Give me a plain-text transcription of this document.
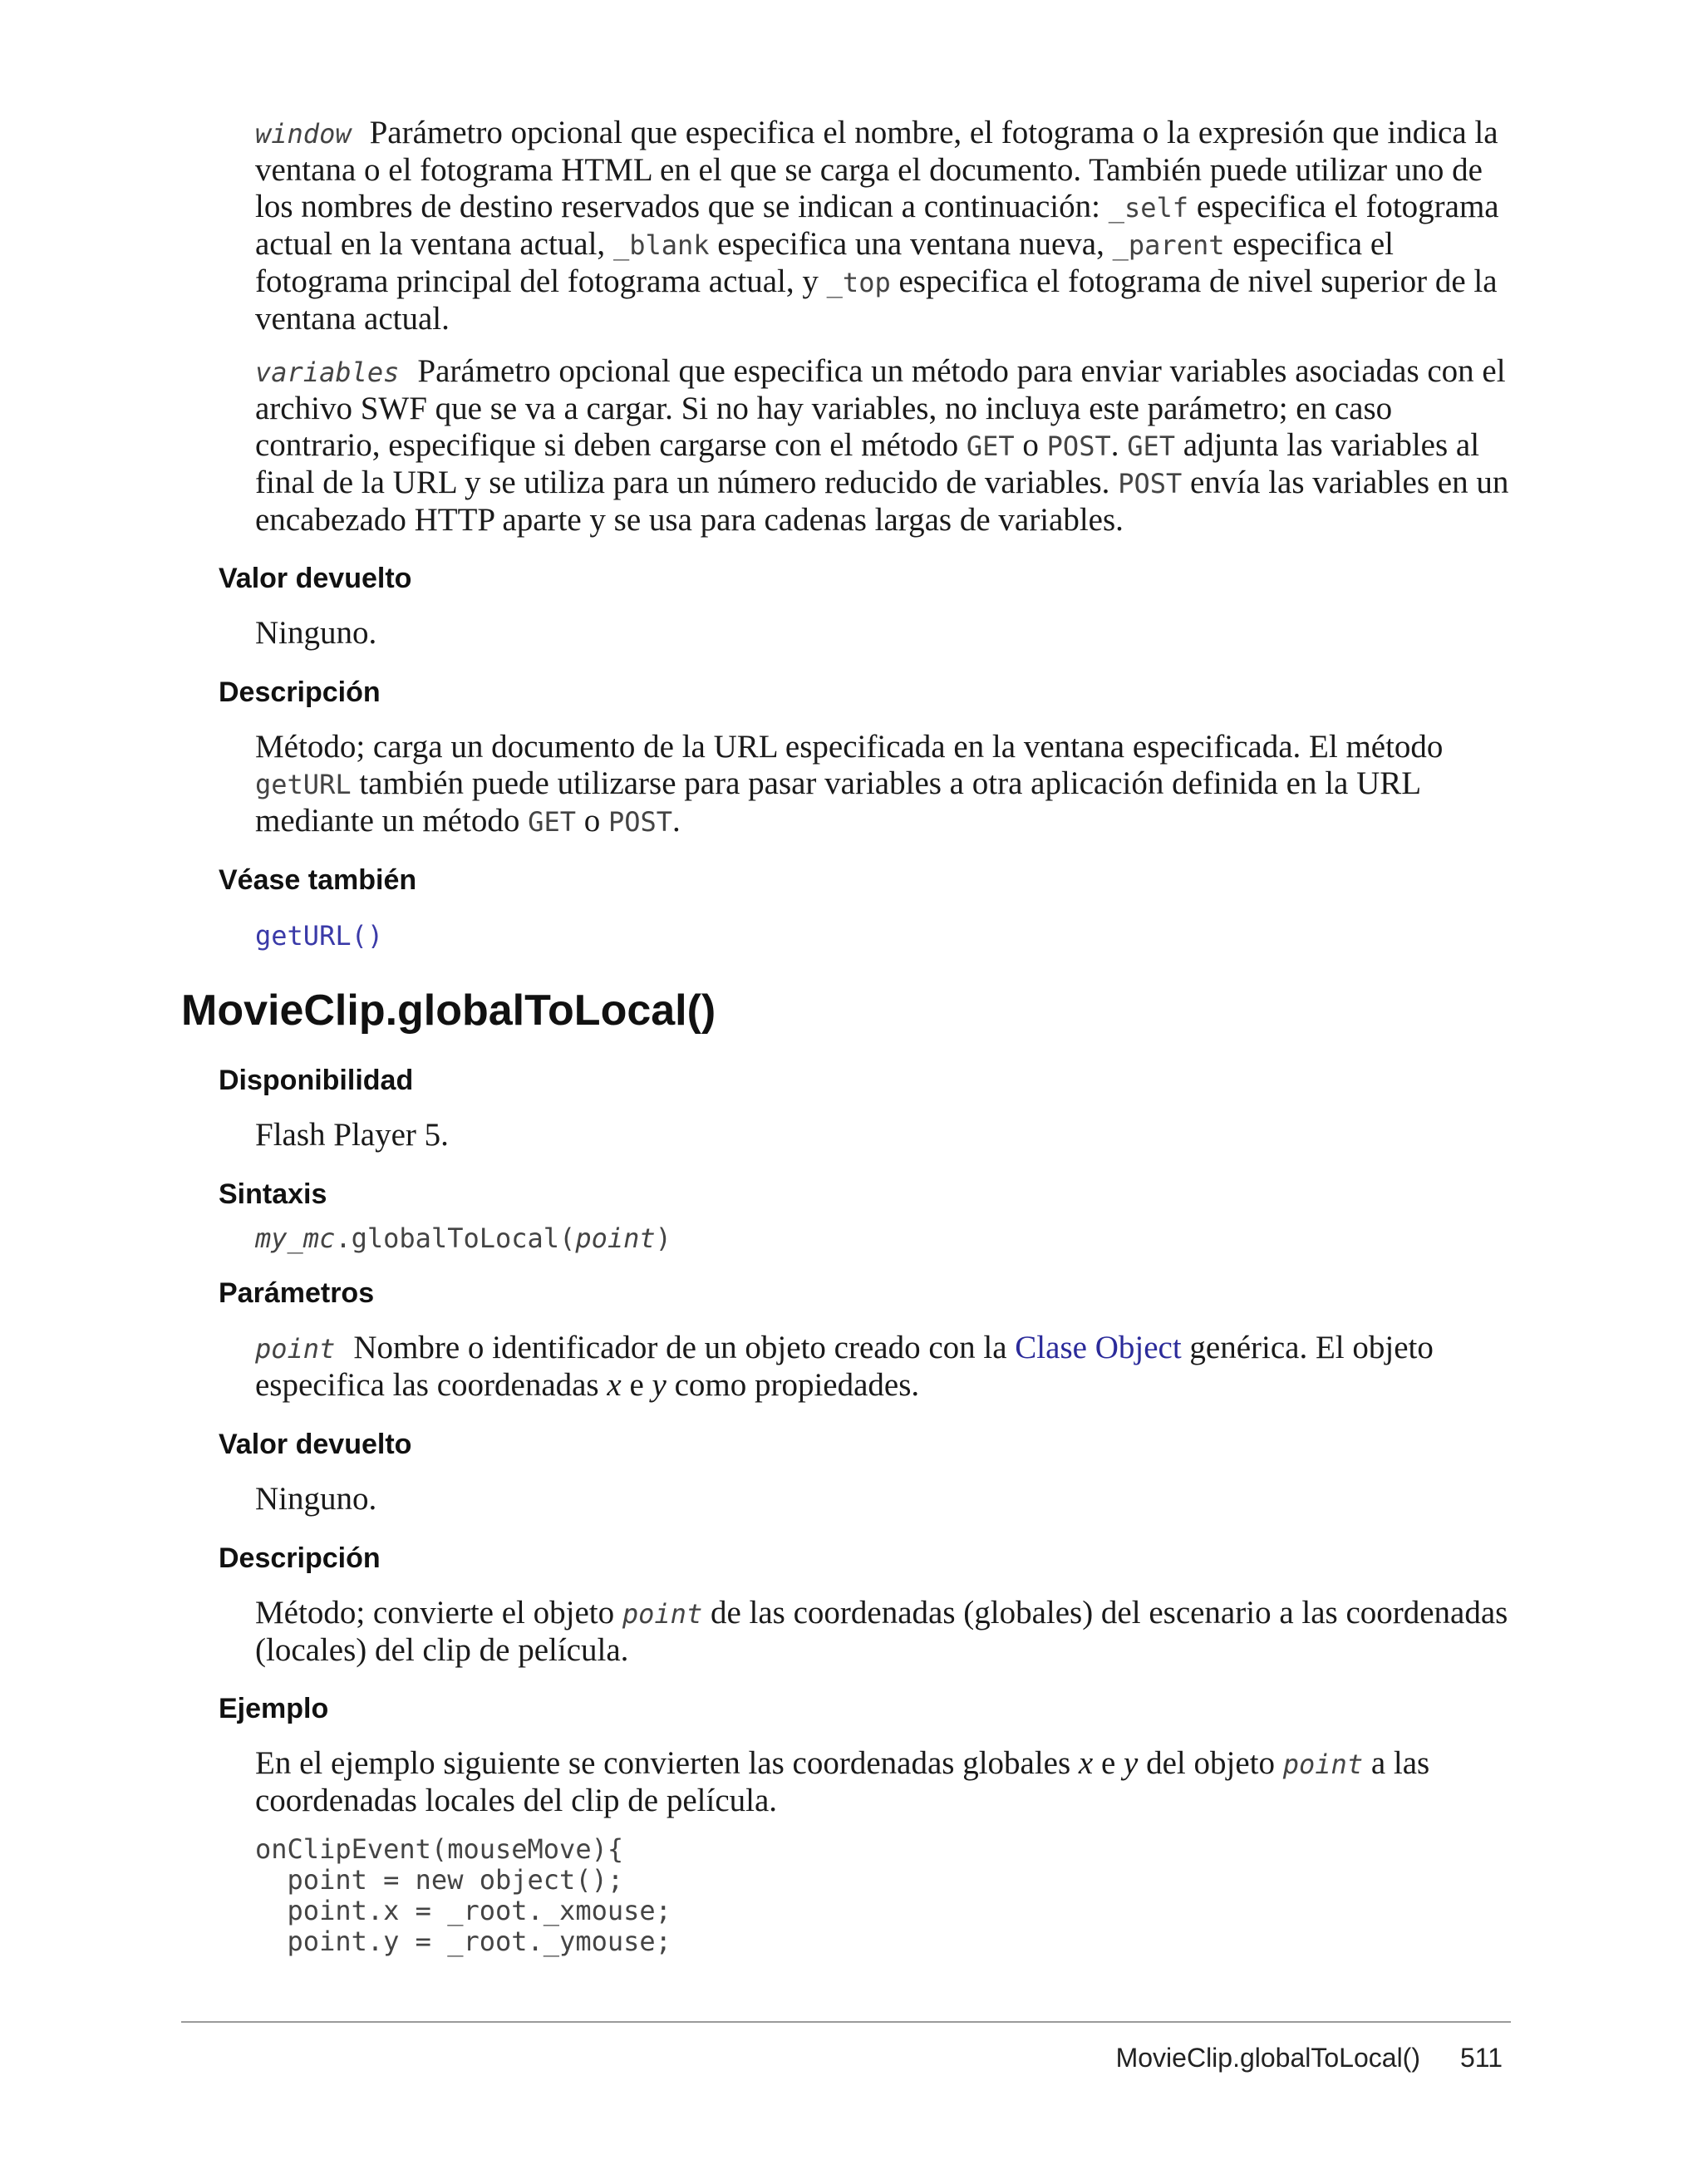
window Parámetro opcional que especifica el nombre, el fotograma o la expresión que indica la ventana o el fotograma HTML en el que se carga el documento. También puede utilizar uno de los nombres de destino reservados que se indican a continuación: _self especifica el fotograma actual en la ventana actual, _blank especifica una ventana nueva, _parent especifica el fotograma principal del fotograma actual, y _top especifica el fotograma de nivel superior de la ventana actual.

variables Parámetro opcional que especifica un método para enviar variables asociadas con el archivo SWF que se va a cargar. Si no hay variables, no incluya este parámetro; en caso contrario, especifique si deben cargarse con el método GET o POST. GET adjunta las variables al final de la URL y se utiliza para un número reducido de variables. POST envía las variables en un encabezado HTTP aparte y se usa para cadenas largas de variables.

Valor devuelto

Ninguno.

Descripción

Método; carga un documento de la URL especificada en la ventana especificada. El método getURL también puede utilizarse para pasar variables a otra aplicación definida en la URL mediante un método GET o POST.

Véase también

getURL()

MovieClip.globalToLocal()
Disponibilidad

Flash Player 5.

Sintaxis

my_mc.globalToLocal(point)

Parámetros

point Nombre o identificador de un objeto creado con la Clase Object genérica. El objeto especifica las coordenadas x e y como propiedades.

Valor devuelto

Ninguno.

Descripción

Método; convierte el objeto point de las coordenadas (globales) del escenario a las coordenadas (locales) del clip de película.

Ejemplo

En el ejemplo siguiente se convierten las coordenadas globales x e y del objeto point a las coordenadas locales del clip de película.

onClipEvent(mouseMove){
point = new object();
point.x = _root._xmouse;
point.y = _root._ymouse;
MovieClip.globalToLocal() 511
